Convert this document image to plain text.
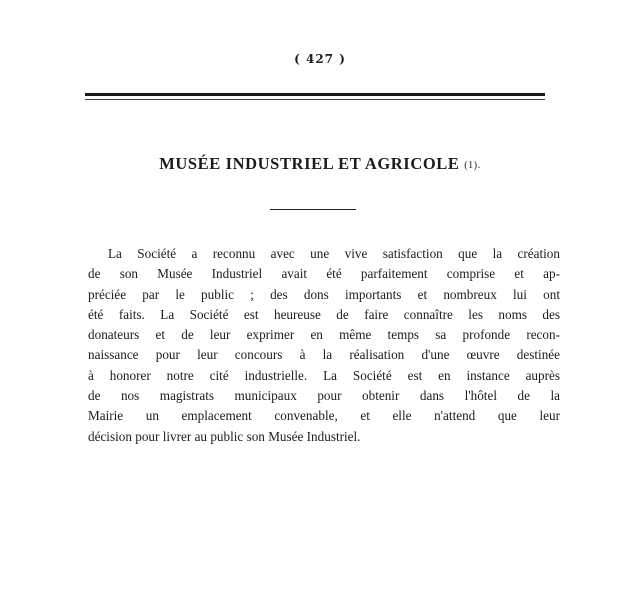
( 427 )
MUSÉE INDUSTRIEL ET AGRICOLE (1).
La Société a reconnu avec une vive satisfaction que la création
de son Musée Industriel avait été parfaitement comprise et ap-
préciée par le public ; des dons importants et nombreux lui ont
été faits. La Société est heureuse de faire connaître les noms des
donateurs et de leur exprimer en même temps sa profonde recon-
naissance pour leur concours à la réalisation d'une œuvre destinée
à honorer notre cité industrielle. La Société est en instance auprès
de nos magistrats municipaux pour obtenir dans l'hôtel de la
Mairie un emplacement convenable, et elle n'attend que leur
décision pour livrer au public son Musée Industriel.
